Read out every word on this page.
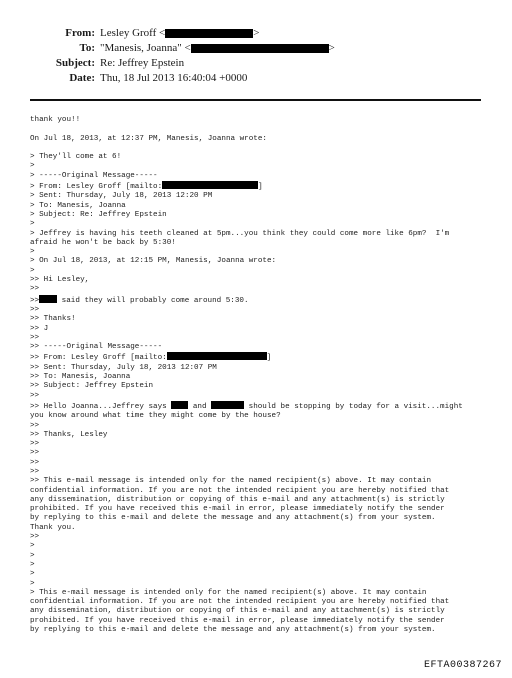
From: Lesley Groff <	>
To: "Manesis, Joanna" <	>
Subject: Re: Jeffrey Epstein
Date: Thu, 18 Jul 2013 16:40:04 +0000
thank you!!

On Jul 18, 2013, at 12:37 PM, Manesis, Joanna wrote:

> They'll come at 6!
>
> -----Original Message-----
> From: Lesley Groff [mailto:	]
> Sent: Thursday, July 18, 2013 12:20 PM
> To: Manesis, Joanna
> Subject: Re: Jeffrey Epstein
>
> Jeffrey is having his teeth cleaned at 5pm...you think they could come more like 6pm?  I'm
afraid he won't be back by 5:30!
>
> On Jul 18, 2013, at 12:15 PM, Manesis, Joanna wrote:
>
>> Hi Lesley,
>>
>> said they will probably come around 5:30.
>>
>> Thanks!
>> J
>>
>> -----Original Message-----
>> From: Lesley Groff [mailto:	]
>> Sent: Thursday, July 18, 2013 12:07 PM
>> To: Manesis, Joanna
>> Subject: Jeffrey Epstein
>>
>> Hello Joanna...Jeffrey says  and	should be stopping by today for a visit...might
you know around what time they might come by the house?
>>
>> Thanks, Lesley
>>
>>
>>
>>
>> This e-mail message is intended only for the named recipient(s) above. It may contain
confidential information. If you are not the intended recipient you are hereby notified that
any dissemination, distribution or copying of this e-mail and any attachment(s) is strictly
prohibited. If you have received this e-mail in error, please immediately notify the sender
by replying to this e-mail and delete the message and any attachment(s) from your system.
Thank you.
>>
>
>
>
>
>
> This e-mail message is intended only for the named recipient(s) above. It may contain
confidential information. If you are not the intended recipient you are hereby notified that
any dissemination, distribution or copying of this e-mail and any attachment(s) is strictly
prohibited. If you have received this e-mail in error, please immediately notify the sender
by replying to this e-mail and delete the message and any attachment(s) from your system.
EFTA00387267
